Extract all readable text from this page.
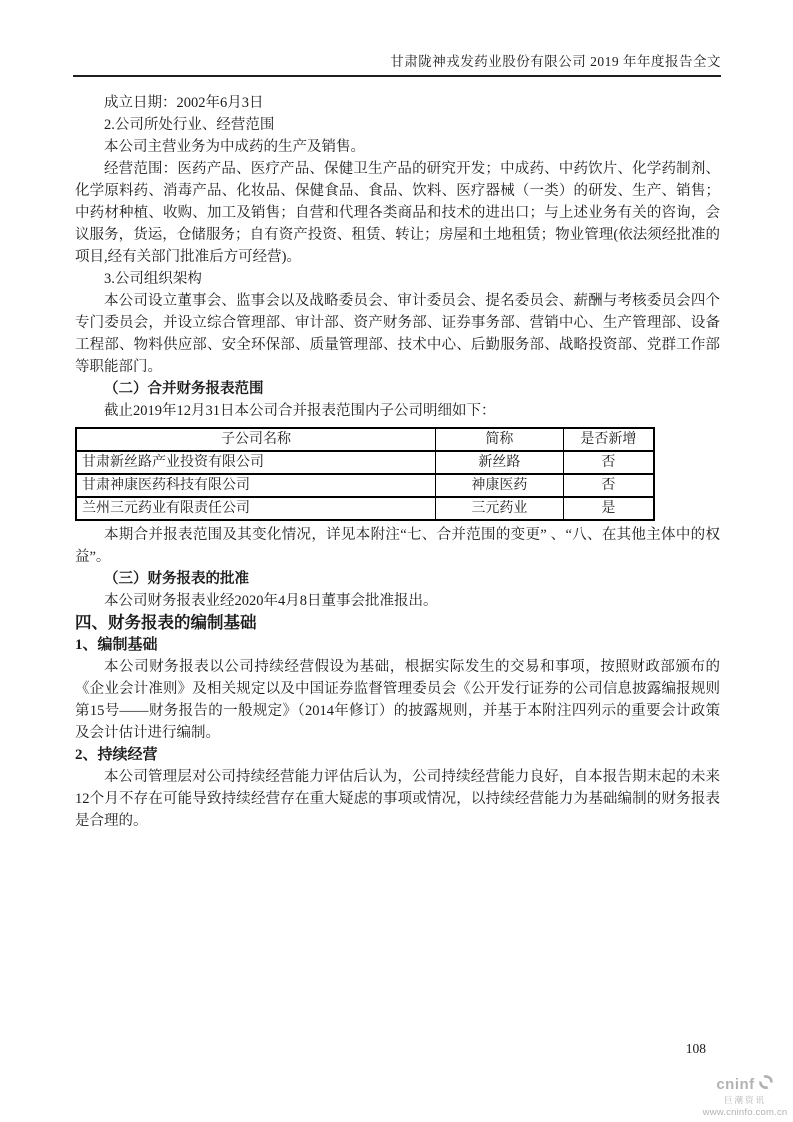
甘肃陇神戎发药业股份有限公司 2019 年年度报告全文

成立日期：2002年6月3日

2.公司所处行业、经营范围

本公司主营业务为中成药的生产及销售。

经营范围：医药产品、医疗产品、保健卫生产品的研究开发；中成药、中药饮片、化学药制剂、化学原料药、消毒产品、化妆品、保健食品、食品、饮料、医疗器械（一类）的研发、生产、销售；中药材种植、收购、加工及销售；自营和代理各类商品和技术的进出口；与上述业务有关的咨询，会议服务，货运，仓储服务；自有资产投资、租赁、转让；房屋和土地租赁；物业管理(依法须经批准的项目,经有关部门批准后方可经营)。

3.公司组织架构

本公司设立董事会、监事会以及战略委员会、审计委员会、提名委员会、薪酬与考核委员会四个专门委员会，并设立综合管理部、审计部、资产财务部、证券事务部、营销中心、生产管理部、设备工程部、物料供应部、安全环保部、质量管理部、技术中心、后勤服务部、战略投资部、党群工作部等职能部门。

（二）合并财务报表范围

截止2019年12月31日本公司合并报表范围内子公司明细如下：

子公司名称	简称	是否新增
甘肃新丝路产业投资有限公司	新丝路	否
甘肃神康医药科技有限公司	神康医药	否
兰州三元药业有限责任公司	三元药业	是

本期合并报表范围及其变化情况，详见本附注“七、合并范围的变更” 、“八、在其他主体中的权益”。

（三）财务报表的批准

本公司财务报表业经2020年4月8日董事会批准报出。

四、财务报表的编制基础

1、编制基础

本公司财务报表以公司持续经营假设为基础，根据实际发生的交易和事项，按照财政部颁布的《企业会计准则》及相关规定以及中国证券监督管理委员会《公开发行证券的公司信息披露编报规则第15号——财务报告的一般规定》（2014年修订）的披露规则，并基于本附注四列示的重要会计政策及会计估计进行编制。

2、持续经营

本公司管理层对公司持续经营能力评估后认为，公司持续经营能力良好，自本报告期末起的未来12个月不存在可能导致持续经营存在重大疑虑的事项或情况，以持续经营能力为基础编制的财务报表是合理的。

108
cninf
巨潮资讯
www.cninfo.com.cn
